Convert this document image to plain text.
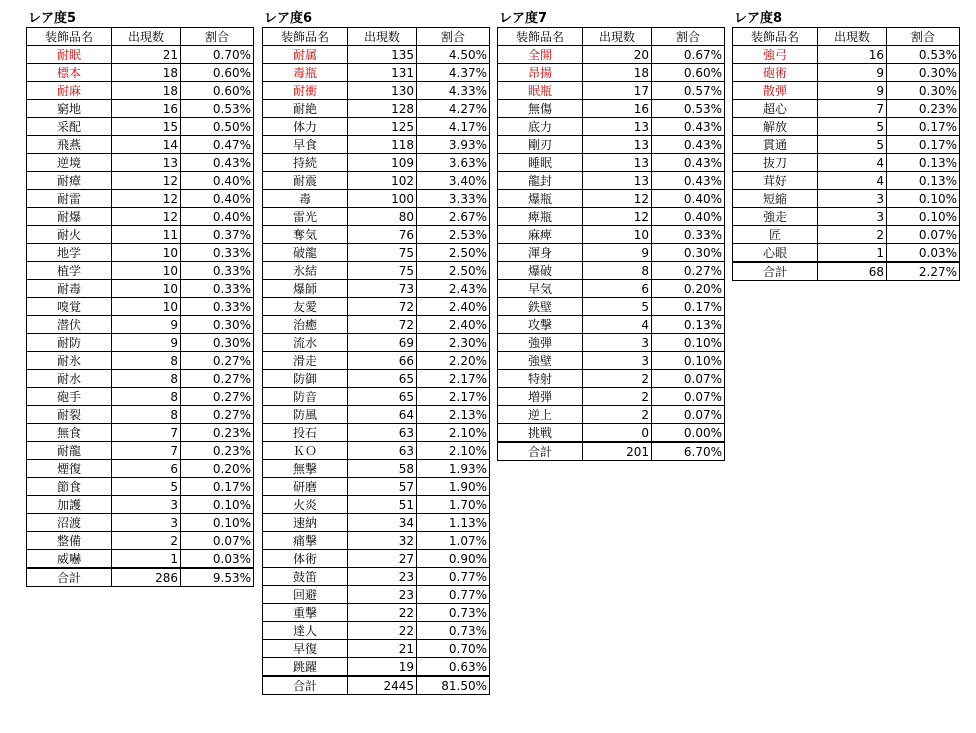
レア度5
装飾品名	出現数	割合
耐眠	21	0.70%
標本	18	0.60%
耐麻	18	0.60%
窮地	16	0.53%
采配	15	0.50%
飛燕	14	0.47%
逆境	13	0.43%
耐瘴	12	0.40%
耐雷	12	0.40%
耐爆	12	0.40%
耐火	11	0.37%
地学	10	0.33%
植学	10	0.33%
耐毒	10	0.33%
嗅覚	10	0.33%
潜伏	9	0.30%
耐防	9	0.30%
耐氷	8	0.27%
耐水	8	0.27%
砲手	8	0.27%
耐裂	8	0.27%
無食	7	0.23%
耐龍	7	0.23%
煙復	6	0.20%
節食	5	0.17%
加護	3	0.10%
沼渡	3	0.10%
整備	2	0.07%
威嚇	1	0.03%
合計	286	9.53%
レア度6
装飾品名	出現数	割合
耐属	135	4.50%
毒瓶	131	4.37%
耐衝	130	4.33%
耐絶	128	4.27%
体力	125	4.17%
早食	118	3.93%
持続	109	3.63%
耐震	102	3.40%
毒	100	3.33%
雷光	80	2.67%
奪気	76	2.53%
破龍	75	2.50%
氷結	75	2.50%
爆師	73	2.43%
友愛	72	2.40%
治癒	72	2.40%
流水	69	2.30%
滑走	66	2.20%
防御	65	2.17%
防音	65	2.17%
防風	64	2.13%
投石	63	2.10%
ＫＯ	63	2.10%
無撃	58	1.93%
研磨	57	1.90%
火炎	51	1.70%
速納	34	1.13%
痛撃	32	1.07%
体術	27	0.90%
鼓笛	23	0.77%
回避	23	0.77%
重撃	22	0.73%
達人	22	0.73%
早復	21	0.70%
跳躍	19	0.63%
合計	2445	81.50%
レア度7
装飾品名	出現数	割合
全開	20	0.67%
昂揚	18	0.60%
眠瓶	17	0.57%
無傷	16	0.53%
底力	13	0.43%
剛刃	13	0.43%
睡眠	13	0.43%
龍封	13	0.43%
爆瓶	12	0.40%
痺瓶	12	0.40%
麻痺	10	0.33%
渾身	9	0.30%
爆破	8	0.27%
早気	6	0.20%
鉄壁	5	0.17%
攻撃	4	0.13%
強弾	3	0.10%
強壁	3	0.10%
特射	2	0.07%
増弾	2	0.07%
逆上	2	0.07%
挑戦	0	0.00%
合計	201	6.70%
レア度8
装飾品名	出現数	割合
強弓	16	0.53%
砲術	9	0.30%
散弾	9	0.30%
超心	7	0.23%
解放	5	0.17%
貫通	5	0.17%
抜刀	4	0.13%
茸好	4	0.13%
短縮	3	0.10%
強走	3	0.10%
匠	2	0.07%
心眼	1	0.03%
合計	68	2.27%
